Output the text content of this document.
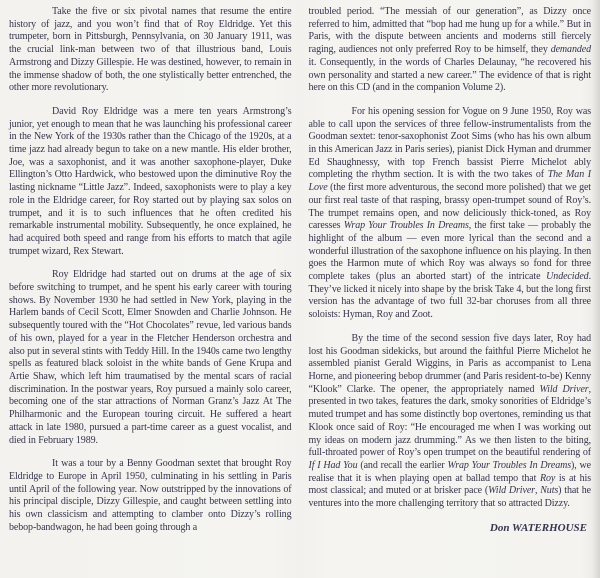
Take the five or six pivotal names that resume the entire history of jazz, and you won’t find that of Roy Eldridge. Yet this trumpeter, born in Pittsburgh, Pennsylvania, on 30 January 1911, was the crucial link-man between two of that illustrious band, Louis Armstrong and Dizzy Gillespie. He was destined, however, to remain in the immense shadow of both, the one stylistically better entrenched, the other more revolutionary.

David Roy Eldridge was a mere ten years Armstrong’s junior, yet enough to mean that he was launching his professional career in the New York of the 1930s rather than the Chicago of the 1920s, at a time jazz had already begun to take on a new mantle. His elder brother, Joe, was a saxophonist, and it was another saxophone-player, Duke Ellington’s Otto Hardwick, who bestowed upon the diminutive Roy the lasting nickname “Little Jazz”. Indeed, saxophonists were to play a key role in the Eldridge career, for Roy started out by playing sax solos on trumpet, and it is to such influences that he often credited his remarkable instrumental mobility. Subsequently, he once explained, he had acquired both speed and range from his efforts to match that agile trumpet wizard, Rex Stewart.

Roy Eldridge had started out on drums at the age of six before switching to trumpet, and he spent his early career with touring shows. By November 1930 he had settled in New York, playing in the Harlem bands of Cecil Scott, Elmer Snowden and Charlie Johnson. He subsequently toured with the “Hot Chocolates” revue, led various bands of his own, played for a year in the Fletcher Henderson orchestra and also put in several stints with Teddy Hill. In the 1940s came two lengthy spells as featured black soloist in the white bands of Gene Krupa and Artie Shaw, which left him traumatised by the mental scars of racial discrimination. In the postwar years, Roy pursued a mainly solo career, becoming one of the star attractions of Norman Granz’s Jazz At The Philharmonic and the European touring circuit. He suffered a heart attack in late 1980, pursued a part-time career as a guest vocalist, and died in February 1989.

It was a tour by a Benny Goodman sextet that brought Roy Eldridge to Europe in April 1950, culminating in his settling in Paris until April of the following year. Now outstripped by the innovations of his principal disciple, Dizzy Gillespie, and caught between settling into his own classicism and attempting to clamber onto Dizzy’s rolling bebop-bandwagon, he had been going through a

troubled period. “The messiah of our generation”, as Dizzy once referred to him, admitted that “bop had me hung up for a while.” But in Paris, with the dispute between ancients and moderns still fiercely raging, audiences not only preferred Roy to be himself, they demanded it. Consequently, in the words of Charles Delaunay, “he recovered his own personality and started a new career.” The evidence of that is right here on this CD (and in the companion Volume 2).

For his opening session for Vogue on 9 June 1950, Roy was able to call upon the services of three fellow-instrumentalists from the Goodman sextet: tenor-saxophonist Zoot Sims (who has his own album in this American Jazz in Paris series), pianist Dick Hyman and drummer Ed Shaughnessy, with top French bassist Pierre Michelot ably completing the rhythm section. It is with the two takes of The Man I Love (the first more adventurous, the second more polished) that we get our first real taste of that rasping, brassy open-trumpet sound of Roy’s. The trumpet remains open, and now deliciously thick-toned, as Roy caresses Wrap Your Troubles In Dreams, the first take — probably the highlight of the album — even more lyrical than the second and a wonderful illustration of the saxophone influence on his playing. In then goes the Harmon mute of which Roy was always so fond for three complete takes (plus an aborted start) of the intricate Undecided. They’ve licked it nicely into shape by the brisk Take 4, but the long first version has the advantage of two full 32-bar choruses from all three soloists: Hyman, Roy and Zoot.

By the time of the second session five days later, Roy had lost his Goodman sidekicks, but around the faithful Pierre Michelot he assembled pianist Gerald Wiggins, in Paris as accompanist to Lena Horne, and pioneering bebop drummer (and Paris resident-to-be) Kenny “Klook” Clarke. The opener, the appropriately named Wild Driver, presented in two takes, features the dark, smoky sonorities of Eldridge’s muted trumpet and has some distinctly bop overtones, reminding us that Klook once said of Roy: “He encouraged me when I was working out my ideas on modern jazz drumming.” As we then listen to the biting, full-throated power of Roy’s open trumpet on the beautiful rendering of If I Had You (and recall the earlier Wrap Your Troubles In Dreams), we realise that it is when playing open at ballad tempo that Roy is at his most classical; and muted or at brisker pace (Wild Driver, Nuts) that he ventures into the more challenging territory that so attracted Dizzy.

Don WATERHOUSE
